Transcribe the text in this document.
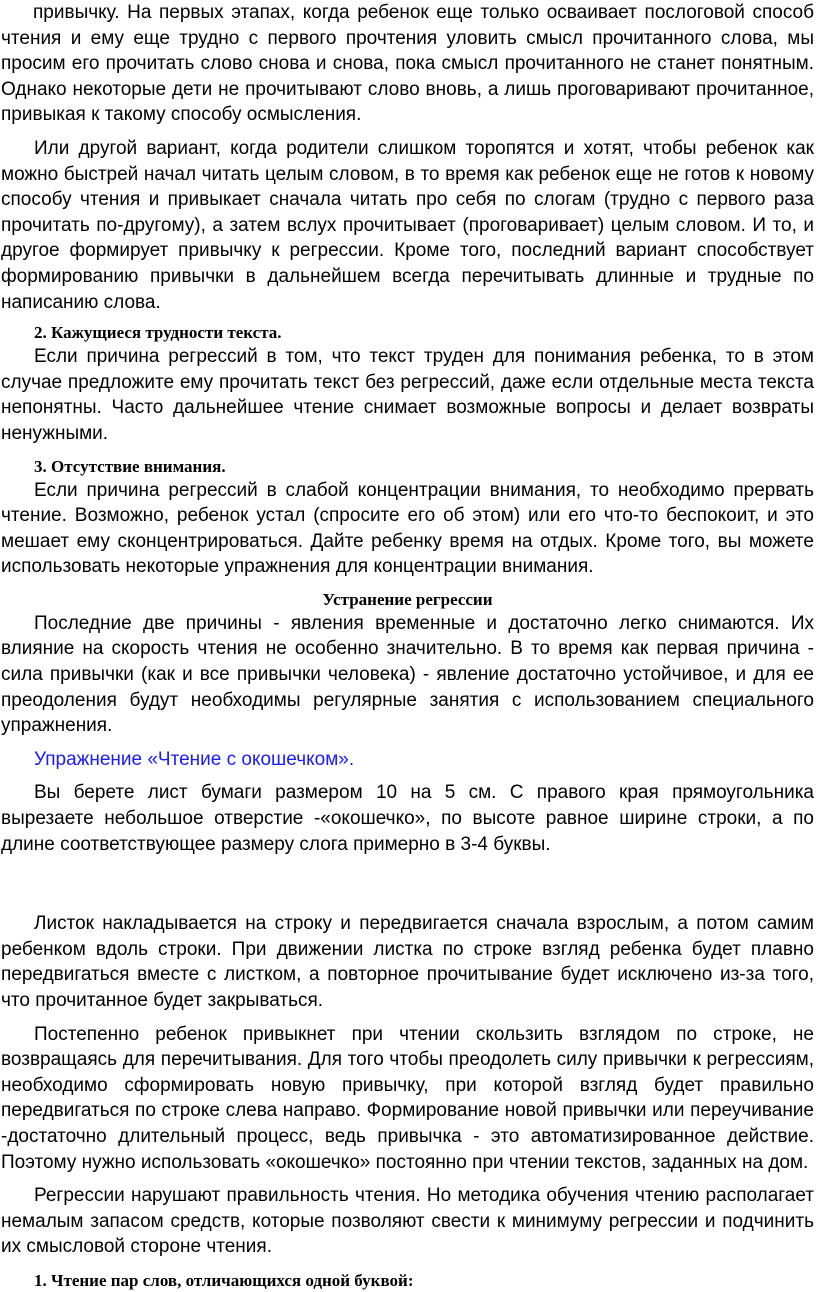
привычку. На первых этапах, когда ребенок еще только осваивает послоговой способ чтения и ему еще трудно с первого прочтения уловить смысл прочитанного слова, мы просим его прочитать слово снова и снова, пока смысл прочитанного не станет понятным. Однако некоторые дети не прочитывают слово вновь, а лишь проговаривают прочитанное, привыкая к такому способу осмысления.

Или другой вариант, когда родители слишком торопятся и хотят, чтобы ребенок как можно быстрей начал читать целым словом, в то время как ребенок еще не готов к новому способу чтения и привыкает сначала читать про себя по слогам (трудно с первого раза прочитать по-другому), а затем вслух прочитывает (проговаривает) целым словом. И то, и другое формирует привычку к регрессии. Кроме того, последний вариант способствует формированию привычки в дальнейшем всегда перечитывать длинные и трудные по написанию слова.

2. Кажущиеся трудности текста.

Если причина регрессий в том, что текст труден для понимания ребенка, то в этом случае предложите ему прочитать текст без регрессий, даже если отдельные места текста непонятны. Часто дальнейшее чтение снимает возможные вопросы и делает возвраты ненужными.

3. Отсутствие внимания.

Если причина регрессий в слабой концентрации внимания, то необходимо прервать чтение. Возможно, ребенок устал (спросите его об этом) или его что-то беспокоит, и это мешает ему сконцентрироваться. Дайте ребенку время на отдых. Кроме того, вы можете использовать некоторые упражнения для концентрации внимания.

Устранение регрессии

Последние две причины - явления временные и достаточно легко снимаются. Их влияние на скорость чтения не особенно значительно. В то время как первая причина - сила привычки (как и все привычки человека) - явление достаточно устойчивое, и для ее преодоления будут необходимы регулярные занятия с использованием специального упражнения.

Упражнение «Чтение с окошечком».

Вы берете лист бумаги размером 10 на 5 см. С правого края прямоугольника вырезаете небольшое отверстие -«окошечко», по высоте равное ширине строки, а по длине соответствующее размеру слога примерно в 3-4 буквы.

Листок накладывается на строку и передвигается сначала взрослым, а потом самим ребенком вдоль строки. При движении листка по строке взгляд ребенка будет плавно передвигаться вместе с листком, а повторное прочитывание будет исключено из-за того, что прочитанное будет закрываться.

Постепенно ребенок привыкнет при чтении скользить взглядом по строке, не возвращаясь для перечитывания. Для того чтобы преодолеть силу привычки к регрессиям, необходимо сформировать новую привычку, при которой взгляд будет правильно передвигаться по строке слева направо. Формирование новой привычки или переучивание -достаточно длительный процесс, ведь привычка - это автоматизированное действие. Поэтому нужно использовать «окошечко» постоянно при чтении текстов, заданных на дом.

Регрессии нарушают правильность чтения. Но методика обучения чтению располагает немалым запасом средств, которые позволяют свести к минимуму регрессии и подчинить их смысловой стороне чтения.

1. Чтение пар слов, отличающихся одной буквой:
